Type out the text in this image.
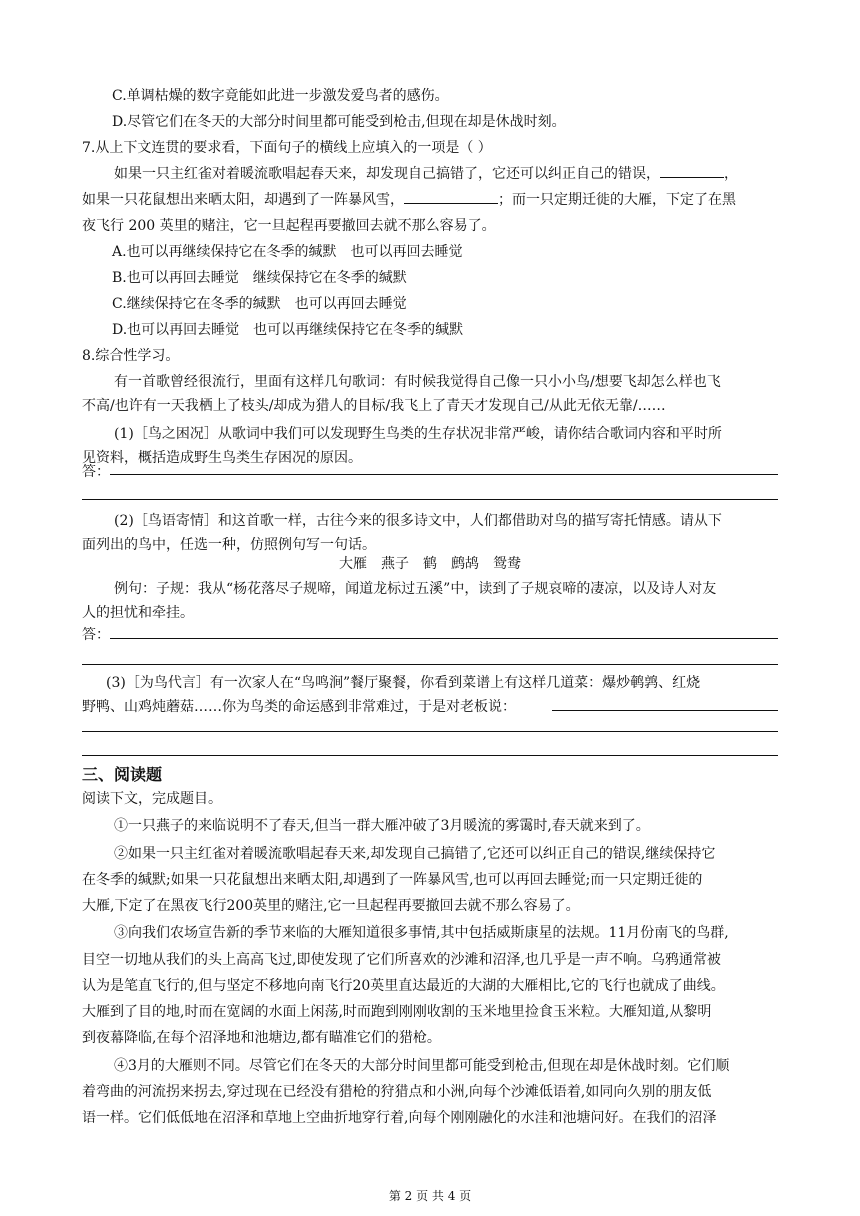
C.单调枯燥的数字竟能如此进一步激发爱鸟者的感伤。
D.尽管它们在冬天的大部分时间里都可能受到枪击,但现在却是休战时刻。
7.从上下文连贯的要求看，下面句子的横线上应填入的一项是（ ）
如果一只主红雀对着暖流歌唱起春天来，却发现自己搞错了，它还可以纠正自己的错误，	，
如果一只花鼠想出来晒太阳，却遇到了一阵暴风雪，	；而一只定期迁徙的大雁，下定了在黑
夜飞行 200 英里的赌注，它一旦起程再要撤回去就不那么容易了。
A.也可以再继续保持它在冬季的缄默　也可以再回去睡觉
B.也可以再回去睡觉　继续保持它在冬季的缄默
C.继续保持它在冬季的缄默　也可以再回去睡觉
D.也可以再回去睡觉　也可以再继续保持它在冬季的缄默
8.综合性学习。
有一首歌曾经很流行，里面有这样几句歌词：有时候我觉得自己像一只小小鸟/想要飞却怎么样也飞
不高/也许有一天我栖上了枝头/却成为猎人的目标/我飞上了青天才发现自己/从此无依无靠/……
(1)［鸟之困况］从歌词中我们可以发现野生鸟类的生存状况非常严峻，请你结合歌词内容和平时所
见资料，概括造成野生鸟类生存困况的原因。
答：
(2)［鸟语寄情］和这首歌一样，古往今来的很多诗文中，人们都借助对鸟的描写寄托情感。请从下
面列出的鸟中，任选一种，仿照例句写一句话。
大雁　燕子　鹤　鹧鸪　鸳鸯
例句：子规：我从“杨花落尽子规啼，闻道龙标过五溪”中，读到了子规哀啼的凄凉，以及诗人对友
人的担忧和牵挂。
答：
(3)［为鸟代言］有一次家人在“鸟鸣涧”餐厅聚餐，你看到菜谱上有这样几道菜：爆炒鹌鹑、红烧
野鸭、山鸡炖蘑菇……你为鸟类的命运感到非常难过，于是对老板说：
三、阅读题
阅读下文，完成题目。
①一只燕子的来临说明不了春天,但当一群大雁冲破了3月暖流的雾霭时,春天就来到了。
②如果一只主红雀对着暖流歌唱起春天来,却发现自己搞错了,它还可以纠正自己的错误,继续保持它
在冬季的缄默;如果一只花鼠想出来晒太阳,却遇到了一阵暴风雪,也可以再回去睡觉;而一只定期迁徙的
大雁,下定了在黑夜飞行200英里的赌注,它一旦起程再要撤回去就不那么容易了。
③向我们农场宣告新的季节来临的大雁知道很多事情,其中包括威斯康星的法规。11月份南飞的鸟群,
目空一切地从我们的头上高高飞过,即使发现了它们所喜欢的沙滩和沼泽,也几乎是一声不响。乌鸦通常被
认为是笔直飞行的,但与坚定不移地向南飞行20英里直达最近的大湖的大雁相比,它的飞行也就成了曲线。
大雁到了目的地,时而在宽阔的水面上闲荡,时而跑到刚刚收割的玉米地里捡食玉米粒。大雁知道,从黎明
到夜幕降临,在每个沼泽地和池塘边,都有瞄准它们的猎枪。
④3月的大雁则不同。尽管它们在冬天的大部分时间里都可能受到枪击,但现在却是休战时刻。它们顺
着弯曲的河流拐来拐去,穿过现在已经没有猎枪的狩猎点和小洲,向每个沙滩低语着,如同向久别的朋友低
语一样。它们低低地在沼泽和草地上空曲折地穿行着,向每个刚刚融化的水洼和池塘问好。在我们的沼泽
第 2 页 共 4 页
